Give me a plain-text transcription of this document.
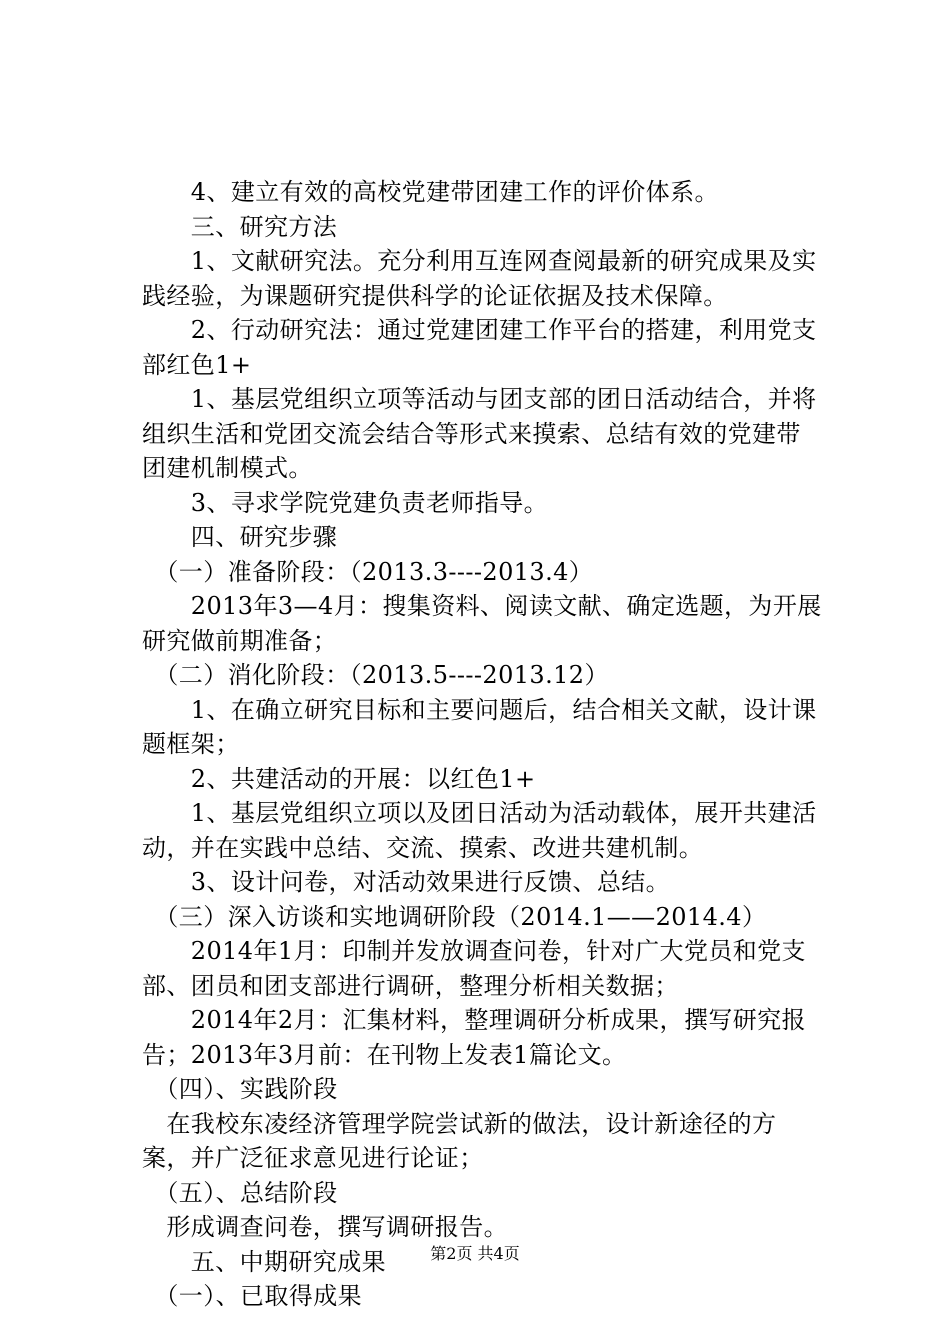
　　4、建立有效的高校党建带团建工作的评价体系。
　　三、研究方法
　　1、文献研究法。充分利用互连网查阅最新的研究成果及实
践经验，为课题研究提供科学的论证依据及技术保障。
　　2、行动研究法：通过党建团建工作平台的搭建，利用党支
部红色1+
　　1、基层党组织立项等活动与团支部的团日活动结合，并将
组织生活和党团交流会结合等形式来摸索、总结有效的党建带
团建机制模式。
　　3、寻求学院党建负责老师指导。
　　四、研究步骤
　（一）准备阶段：（2013.3----2013.4）
　　2013年3—4月：搜集资料、阅读文献、确定选题，为开展
研究做前期准备；
　（二）消化阶段：（2013.5----2013.12）
　　1、在确立研究目标和主要问题后，结合相关文献，设计课
题框架；
　　2、共建活动的开展：以红色1+
　　1、基层党组织立项以及团日活动为活动载体，展开共建活
动，并在实践中总结、交流、摸索、改进共建机制。
　　3、设计问卷，对活动效果进行反馈、总结。
　（三）深入访谈和实地调研阶段（2014.1——2014.4）
　　2014年1月：印制并发放调查问卷，针对广大党员和党支
部、团员和团支部进行调研，整理分析相关数据；
　　2014年2月：汇集材料，整理调研分析成果，撰写研究报
告；2013年3月前：在刊物上发表1篇论文。
　（四）、实践阶段
　在我校东凌经济管理学院尝试新的做法，设计新途径的方
案，并广泛征求意见进行论证；
　（五）、总结阶段
　形成调查问卷，撰写调研报告。
　　五、中期研究成果
　（一）、已取得成果
第2页 共4页
